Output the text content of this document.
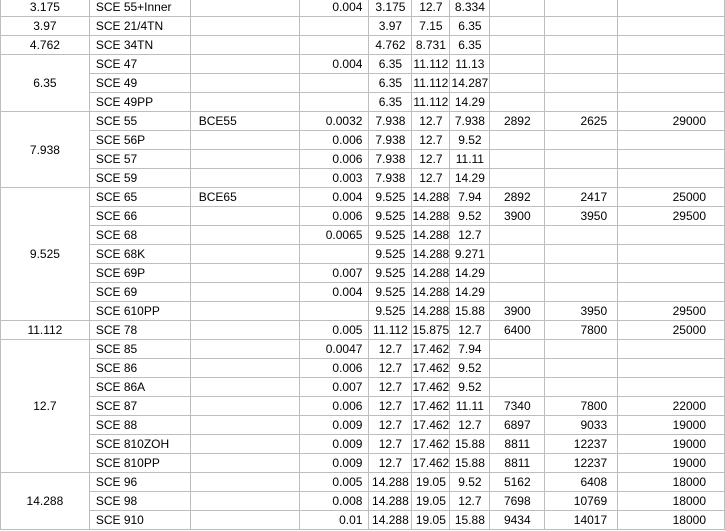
3.175	SCE 55+Inner		0.004	3.175	12.7	8.334			
3.97	SCE 21/4TN			3.97	7.15	6.35			
4.762	SCE 34TN			4.762	8.731	6.35			
6.35	SCE 47		0.004	6.35	11.112	11.13			
	SCE 49			6.35	11.112	14.287			
	SCE 49PP			6.35	11.112	14.29			
7.938	SCE 55	BCE55	0.0032	7.938	12.7	7.938	2892	2625	29000
	SCE 56P		0.006	7.938	12.7	9.52			
	SCE 57		0.006	7.938	12.7	11.11			
	SCE 59		0.003	7.938	12.7	14.29			
9.525	SCE 65	BCE65	0.004	9.525	14.288	7.94	2892	2417	25000
	SCE 66		0.006	9.525	14.288	9.52	3900	3950	29500
	SCE 68		0.0065	9.525	14.288	12.7			
	SCE 68K			9.525	14.288	9.271			
	SCE 69P		0.007	9.525	14.288	14.29			
	SCE 69		0.004	9.525	14.288	14.29			
	SCE 610PP			9.525	14.288	15.88	3900	3950	29500
11.112	SCE 78		0.005	11.112	15.875	12.7	6400	7800	25000
12.7	SCE 85		0.0047	12.7	17.462	7.94			
	SCE 86		0.006	12.7	17.462	9.52			
	SCE 86A		0.007	12.7	17.462	9.52			
	SCE 87		0.006	12.7	17.462	11.11	7340	7800	22000
	SCE 88		0.009	12.7	17.462	12.7	6897	9033	19000
	SCE 810ZOH		0.009	12.7	17.462	15.88	8811	12237	19000
	SCE 810PP		0.009	12.7	17.462	15.88	8811	12237	19000
14.288	SCE 96		0.005	14.288	19.05	9.52	5162	6408	18000
	SCE 98		0.008	14.288	19.05	12.7	7698	10769	18000
	SCE 910		0.01	14.288	19.05	15.88	9434	14017	18000
